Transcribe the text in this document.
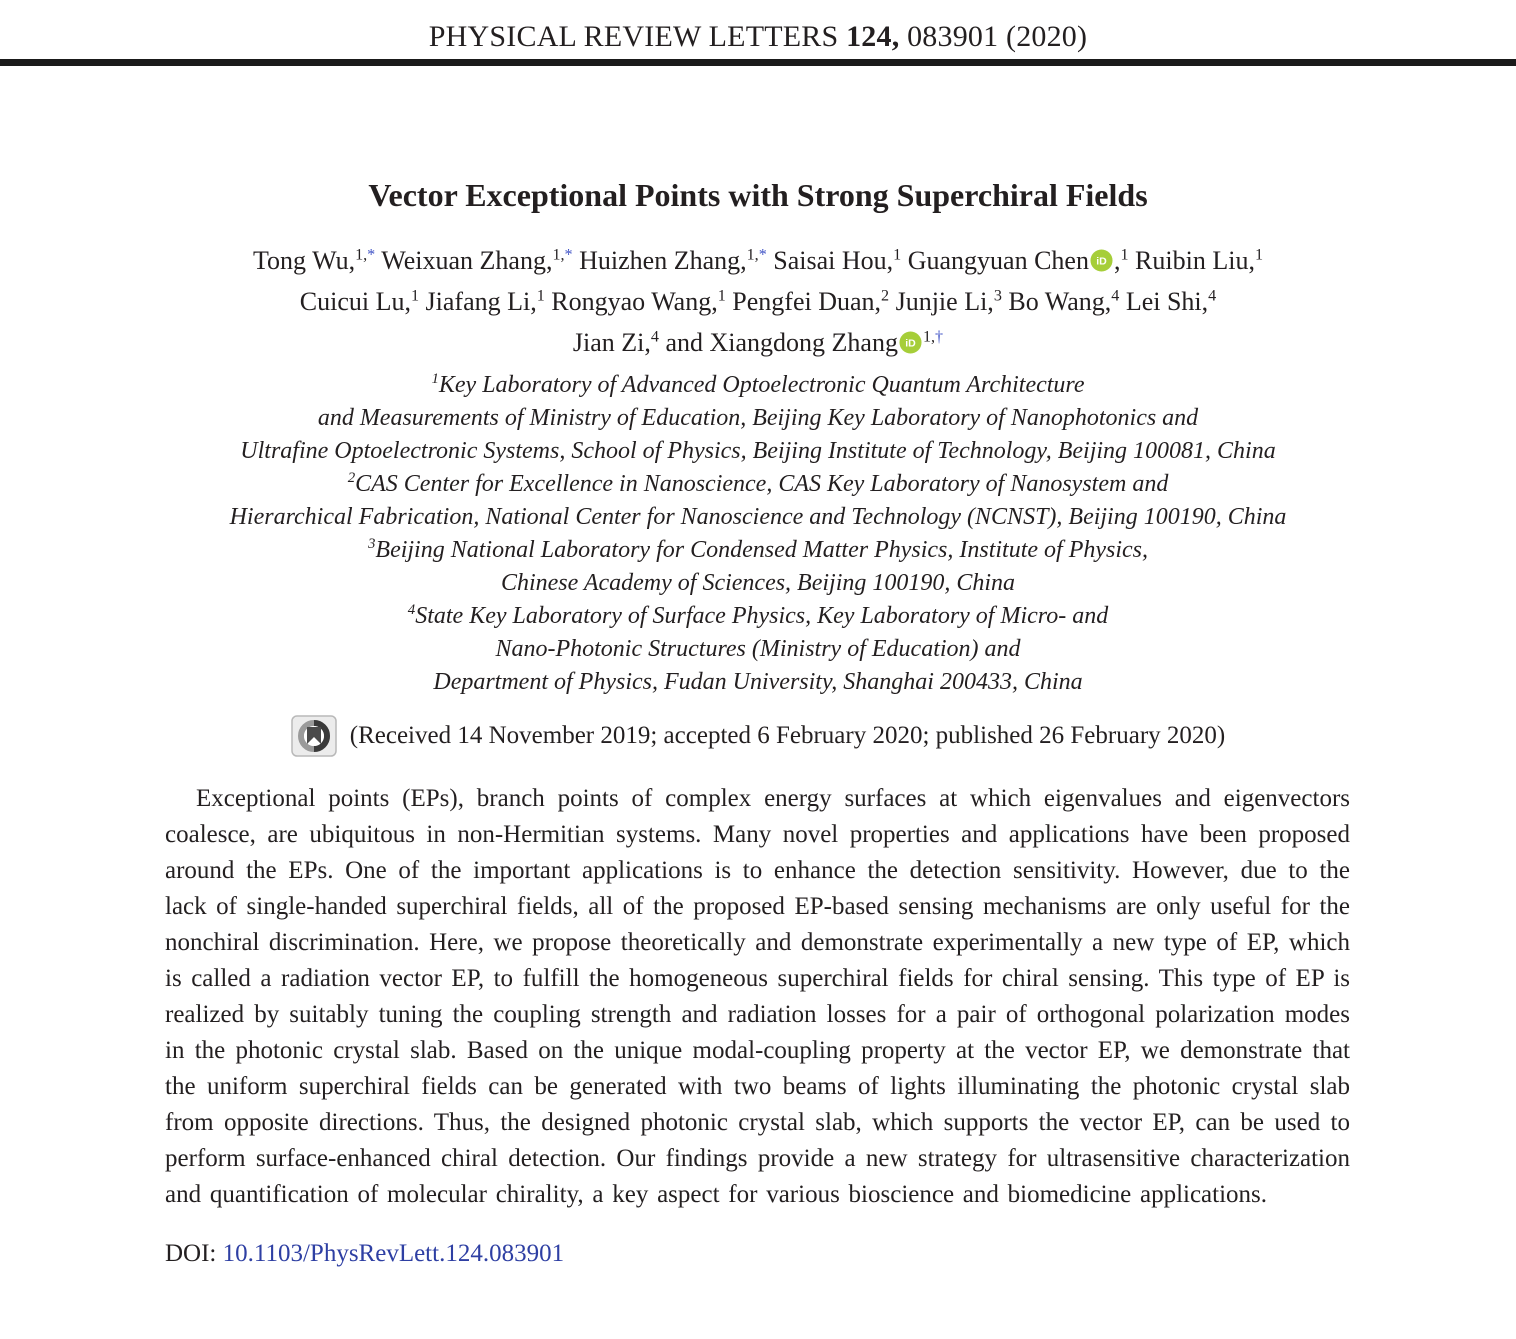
PHYSICAL REVIEW LETTERS 124, 083901 (2020)
Vector Exceptional Points with Strong Superchiral Fields
Tong Wu,$^{1,*}$ Weixuan Zhang,$^{1,*}$ Huizhen Zhang,$^{1,*}$ Saisai Hou,$^1$ Guangyuan Chen iD ,$^1$ Ruibin Liu,$^1$
Cuicui Lu,$^1$ Jiafang Li,$^1$ Rongyao Wang,$^1$ Pengfei Duan,$^2$ Junjie Li,$^3$ Bo Wang,$^4$ Lei Shi,$^4$
Jian Zi,$^4$ and Xiangdong Zhang iD $^{1,\dagger}$
$^1$Key Laboratory of Advanced Optoelectronic Quantum Architecture
and Measurements of Ministry of Education, Beijing Key Laboratory of Nanophotonics and
Ultrafine Optoelectronic Systems, School of Physics, Beijing Institute of Technology, Beijing 100081, China
$^2$CAS Center for Excellence in Nanoscience, CAS Key Laboratory of Nanosystem and
Hierarchical Fabrication, National Center for Nanoscience and Technology (NCNST), Beijing 100190, China
$^3$Beijing National Laboratory for Condensed Matter Physics, Institute of Physics,
Chinese Academy of Sciences, Beijing 100190, China
$^4$State Key Laboratory of Surface Physics, Key Laboratory of Micro- and
Nano-Photonic Structures (Ministry of Education) and
Department of Physics, Fudan University, Shanghai 200433, China
(Received 14 November 2019; accepted 6 February 2020; published 26 February 2020)

Exceptional points (EPs), branch points of complex energy surfaces at which eigenvalues and eigenvectors coalesce, are ubiquitous in non-Hermitian systems. Many novel properties and applications have been proposed around the EPs. One of the important applications is to enhance the detection sensitivity. However, due to the lack of single-handed superchiral fields, all of the proposed EP-based sensing mechanisms are only useful for the nonchiral discrimination. Here, we propose theoretically and demonstrate experimentally a new type of EP, which is called a radiation vector EP, to fulfill the homogeneous superchiral fields for chiral sensing. This type of EP is realized by suitably tuning the coupling strength and radiation losses for a pair of orthogonal polarization modes in the photonic crystal slab. Based on the unique modal-coupling property at the vector EP, we demonstrate that the uniform superchiral fields can be generated with two beams of lights illuminating the photonic crystal slab from opposite directions. Thus, the designed photonic crystal slab, which supports the vector EP, can be used to perform surface-enhanced chiral detection. Our findings provide a new strategy for ultrasensitive characterization and quantification of molecular chirality, a key aspect for various bioscience and biomedicine applications.

DOI: 10.1103/PhysRevLett.124.083901
